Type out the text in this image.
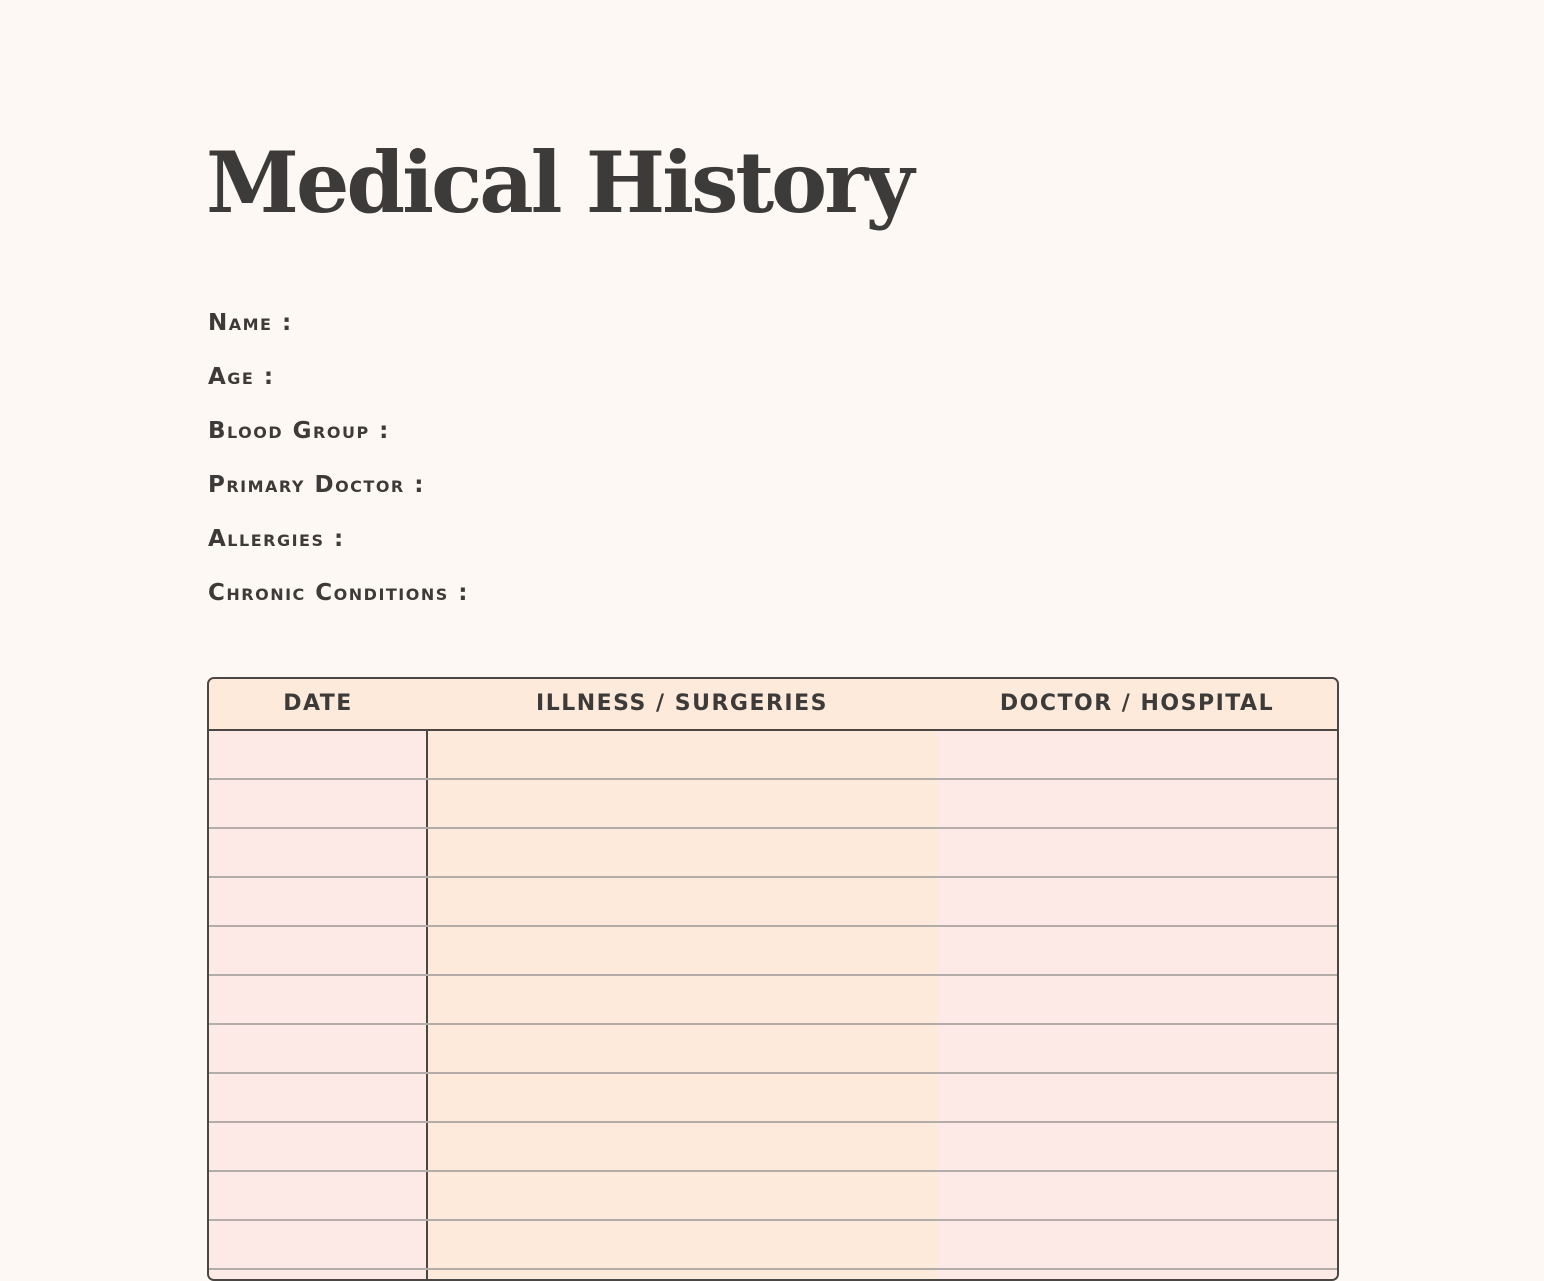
Medical History
Name :
Age :
Blood Group :
Primary Doctor :
Allergies :
Chronic Conditions :
DATE	ILLNESS / SURGERIES	DOCTOR / HOSPITAL
